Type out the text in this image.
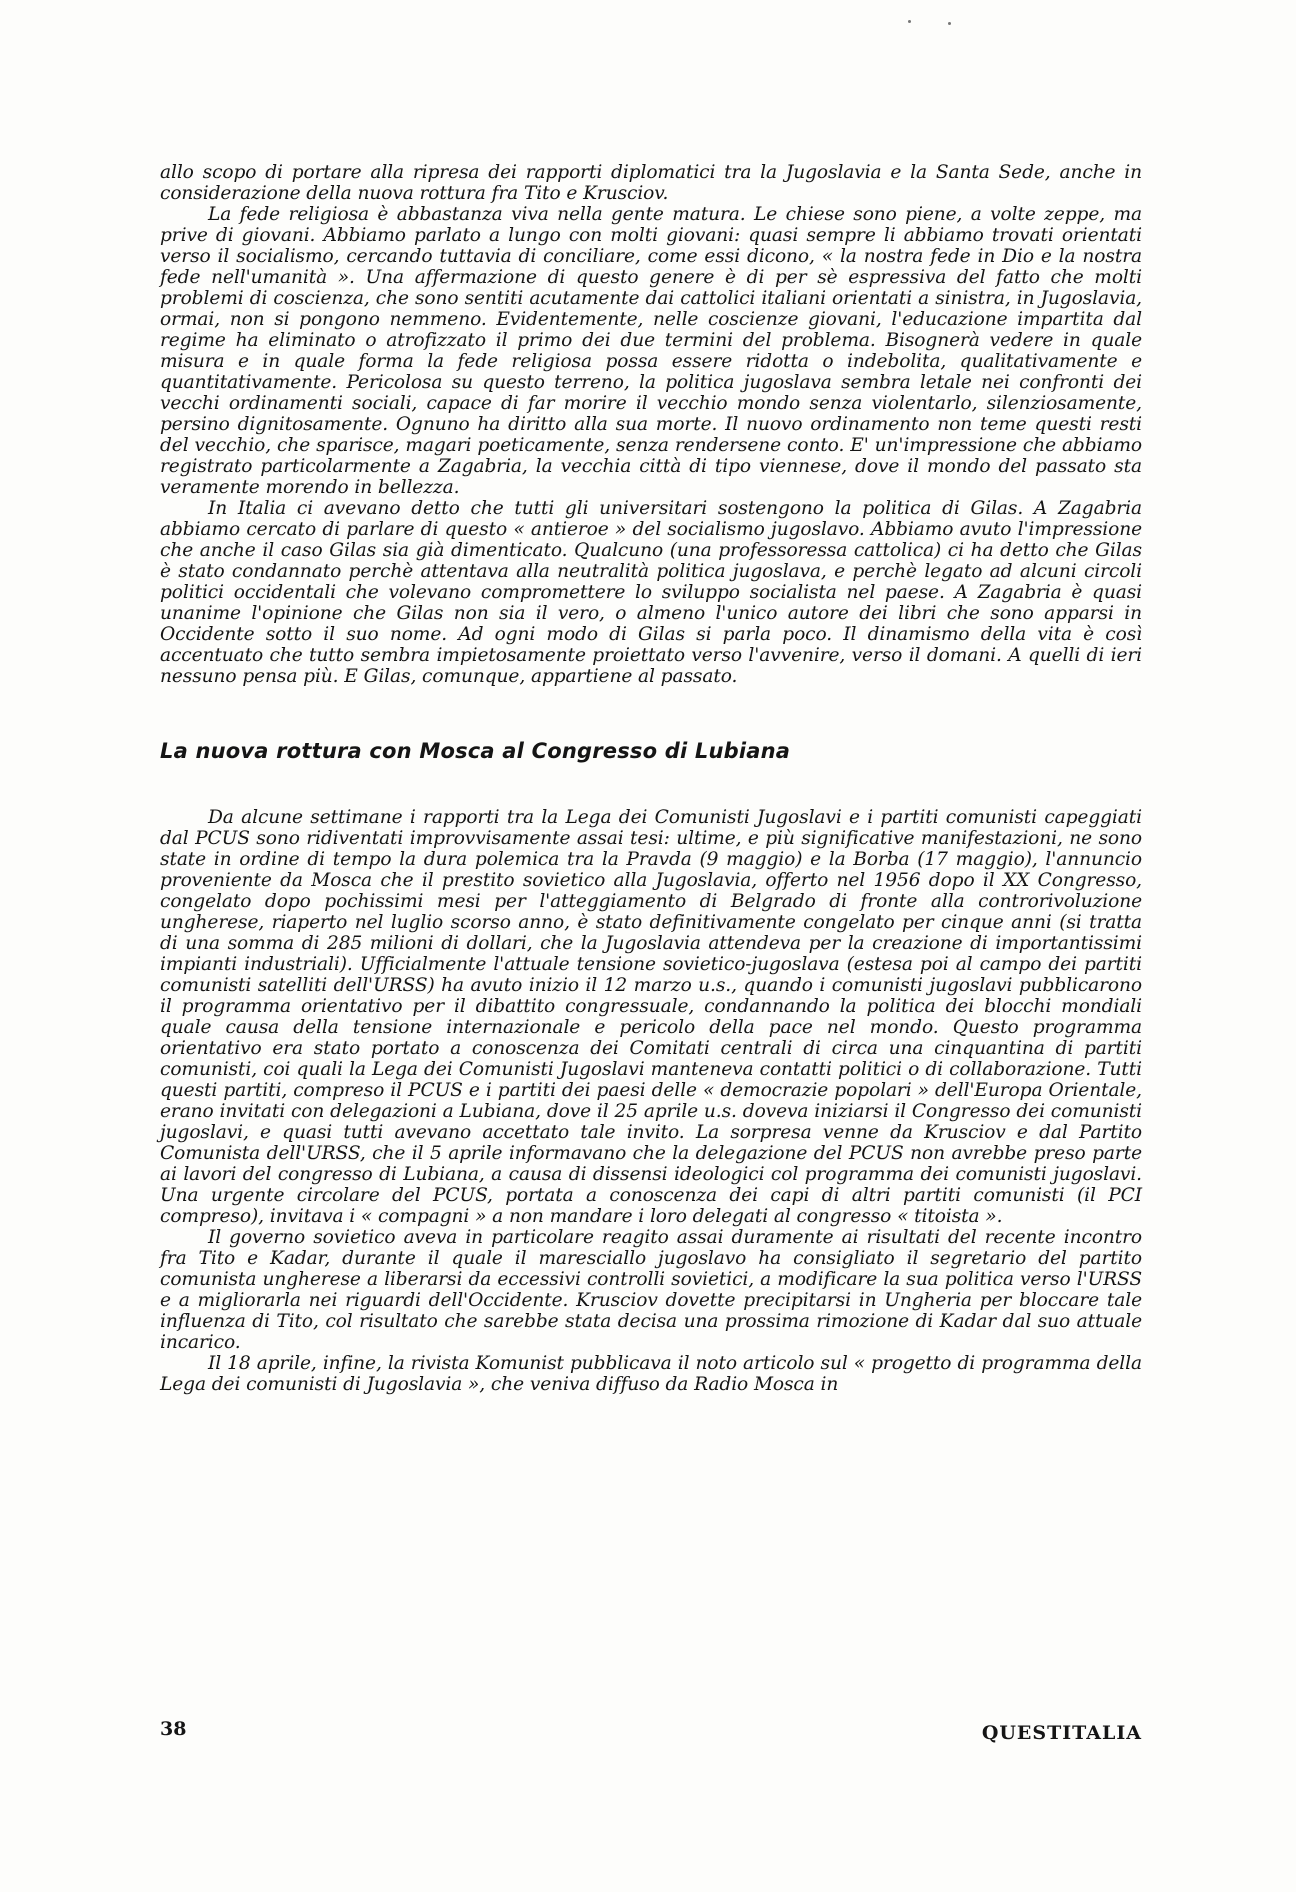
allo scopo di portare alla ripresa dei rapporti diplomatici tra la Jugoslavia e la Santa Sede, anche in considerazione della nuova rottura fra Tito e Krusciov.

La fede religiosa è abbastanza viva nella gente matura. Le chiese sono piene, a volte zeppe, ma prive di giovani. Abbiamo parlato a lungo con molti giovani: quasi sempre li abbiamo trovati orientati verso il socialismo, cercando tuttavia di conciliare, come essi dicono, « la nostra fede in Dio e la nostra fede nell'umanità ». Una affermazione di questo genere è di per sè espressiva del fatto che molti problemi di coscienza, che sono sentiti acutamente dai cattolici italiani orientati a sinistra, in Jugoslavia, ormai, non si pongono nemmeno. Evidentemente, nelle coscienze giovani, l'educazione impartita dal regime ha eliminato o atrofizzato il primo dei due termini del problema. Bisognerà vedere in quale misura e in quale forma la fede religiosa possa essere ridotta o indebolita, qualitativamente e quantitativamente. Pericolosa su questo terreno, la politica jugoslava sembra letale nei confronti dei vecchi ordinamenti sociali, capace di far morire il vecchio mondo senza violentarlo, silenziosamente, persino dignitosamente. Ognuno ha diritto alla sua morte. Il nuovo ordinamento non teme questi resti del vecchio, che sparisce, magari poeticamente, senza rendersene conto. E' un'impressione che abbiamo registrato particolarmente a Zagabria, la vecchia città di tipo viennese, dove il mondo del passato sta veramente morendo in bellezza.

In Italia ci avevano detto che tutti gli universitari sostengono la politica di Gilas. A Zagabria abbiamo cercato di parlare di questo « antieroe » del socialismo jugoslavo. Abbiamo avuto l'impressione che anche il caso Gilas sia già dimenticato. Qualcuno (una professoressa cattolica) ci ha detto che Gilas è stato condannato perchè attentava alla neutralità politica jugoslava, e perchè legato ad alcuni circoli politici occidentali che volevano compromettere lo sviluppo socialista nel paese. A Zagabria è quasi unanime l'opinione che Gilas non sia il vero, o almeno l'unico autore dei libri che sono apparsi in Occidente sotto il suo nome. Ad ogni modo di Gilas si parla poco. Il dinamismo della vita è così accentuato che tutto sembra impietosamente proiettato verso l'avvenire, verso il domani. A quelli di ieri nessuno pensa più. E Gilas, comunque, appartiene al passato.

La nuova rottura con Mosca al Congresso di Lubiana

Da alcune settimane i rapporti tra la Lega dei Comunisti Jugoslavi e i partiti comunisti capeggiati dal PCUS sono ridiventati improvvisamente assai tesi: ultime, e più significative manifestazioni, ne sono state in ordine di tempo la dura polemica tra la Pravda (9 maggio) e la Borba (17 maggio), l'annuncio proveniente da Mosca che il prestito sovietico alla Jugoslavia, offerto nel 1956 dopo il XX Congresso, congelato dopo pochissimi mesi per l'atteggiamento di Belgrado di fronte alla controrivoluzione ungherese, riaperto nel luglio scorso anno, è stato definitivamente congelato per cinque anni (si tratta di una somma di 285 milioni di dollari, che la Jugoslavia attendeva per la creazione di importantissimi impianti industriali). Ufficialmente l'attuale tensione sovietico-jugoslava (estesa poi al campo dei partiti comunisti satelliti dell'URSS) ha avuto inizio il 12 marzo u.s., quando i comunisti jugoslavi pubblicarono il programma orientativo per il dibattito congressuale, condannando la politica dei blocchi mondiali quale causa della tensione internazionale e pericolo della pace nel mondo. Questo programma orientativo era stato portato a conoscenza dei Comitati centrali di circa una cinquantina di partiti comunisti, coi quali la Lega dei Comunisti Jugoslavi manteneva contatti politici o di collaborazione. Tutti questi partiti, compreso il PCUS e i partiti dei paesi delle « democrazie popolari » dell'Europa Orientale, erano invitati con delegazioni a Lubiana, dove il 25 aprile u.s. doveva iniziarsi il Congresso dei comunisti jugoslavi, e quasi tutti avevano accettato tale invito. La sorpresa venne da Krusciov e dal Partito Comunista dell'URSS, che il 5 aprile informavano che la delegazione del PCUS non avrebbe preso parte ai lavori del congresso di Lubiana, a causa di dissensi ideologici col programma dei comunisti jugoslavi. Una urgente circolare del PCUS, portata a conoscenza dei capi di altri partiti comunisti (il PCI compreso), invitava i « compagni » a non mandare i loro delegati al congresso « titoista ».

Il governo sovietico aveva in particolare reagito assai duramente ai risultati del recente incontro fra Tito e Kadar, durante il quale il maresciallo jugoslavo ha consigliato il segretario del partito comunista ungherese a liberarsi da eccessivi controlli sovietici, a modificare la sua politica verso l'URSS e a migliorarla nei riguardi dell'Occidente. Krusciov dovette precipitarsi in Ungheria per bloccare tale influenza di Tito, col risultato che sarebbe stata decisa una prossima rimozione di Kadar dal suo attuale incarico.

Il 18 aprile, infine, la rivista Komunist pubblicava il noto articolo sul « progetto di programma della Lega dei comunisti di Jugoslavia », che veniva diffuso da Radio Mosca in

38	QUESTITALIA
